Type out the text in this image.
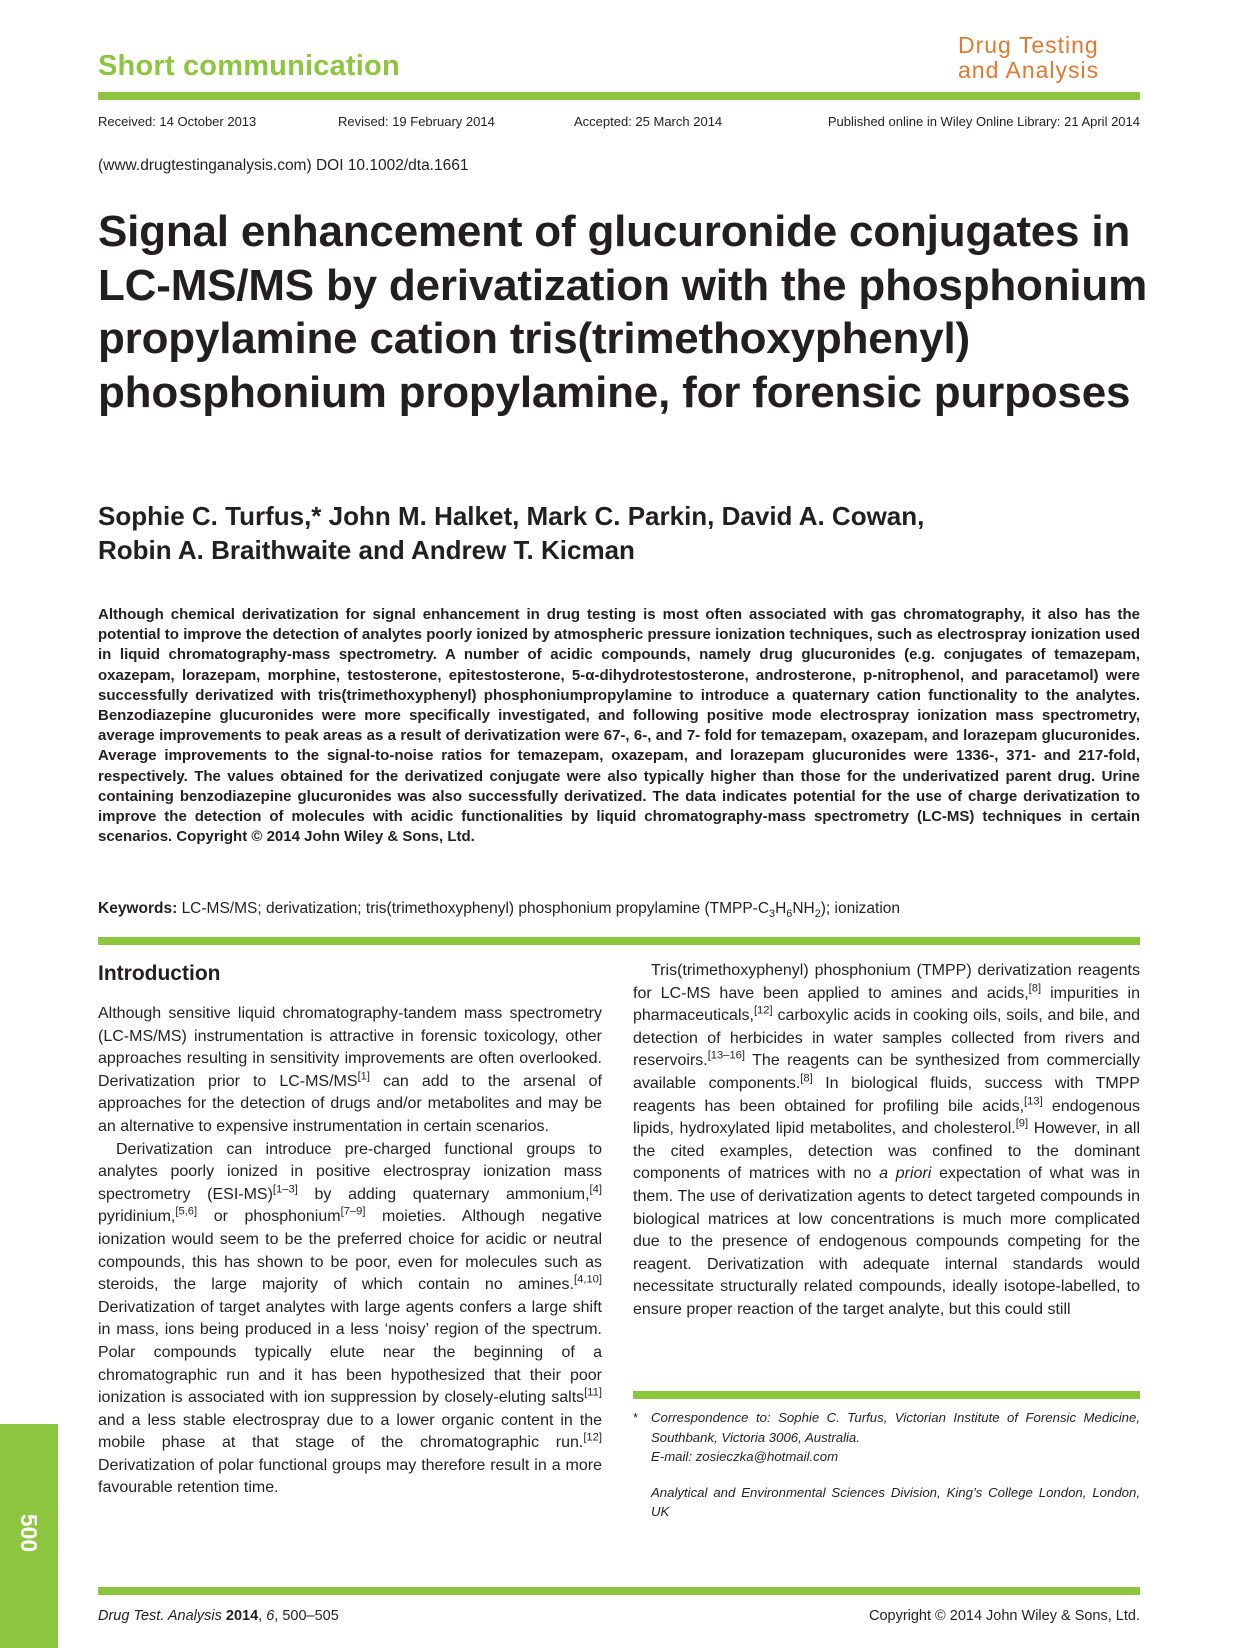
Short communication
Drug Testing
and Analysis
Received: 14 October 2013	Revised: 19 February 2014	Accepted: 25 March 2014	Published online in Wiley Online Library: 21 April 2014
(www.drugtestinganalysis.com) DOI 10.1002/dta.1661
Signal enhancement of glucuronide conjugates in LC-MS/MS by derivatization with the phosphonium propylamine cation tris(trimethoxyphenyl) phosphonium propylamine, for forensic purposes
Sophie C. Turfus,* John M. Halket, Mark C. Parkin, David A. Cowan,
Robin A. Braithwaite and Andrew T. Kicman
Although chemical derivatization for signal enhancement in drug testing is most often associated with gas chromatography, it also has the potential to improve the detection of analytes poorly ionized by atmospheric pressure ionization techniques, such as electrospray ionization used in liquid chromatography-mass spectrometry. A number of acidic compounds, namely drug glucuronides (e.g. conjugates of temazepam, oxazepam, lorazepam, morphine, testosterone, epitestosterone, 5-α-dihydrotestosterone, androsterone, p-nitrophenol, and paracetamol) were successfully derivatized with tris(trimethoxyphenyl) phosphoniumpropylamine to introduce a quaternary cation functionality to the analytes. Benzodiazepine glucuronides were more specifically investigated, and following positive mode electrospray ionization mass spectrometry, average improvements to peak areas as a result of derivatization were 67-, 6-, and 7- fold for temazepam, oxazepam, and lorazepam glucuronides. Average improvements to the signal-to-noise ratios for temazepam, oxazepam, and lorazepam glucuronides were 1336-, 371- and 217-fold, respectively. The values obtained for the derivatized conjugate were also typically higher than those for the underivatized parent drug. Urine containing benzodiazepine glucuronides was also successfully derivatized. The data indicates potential for the use of charge derivatization to improve the detection of molecules with acidic functionalities by liquid chromatography-mass spectrometry (LC-MS) techniques in certain scenarios. Copyright © 2014 John Wiley & Sons, Ltd.
Keywords: LC-MS/MS; derivatization; tris(trimethoxyphenyl) phosphonium propylamine $(TMPP-C_3H_6NH_2)$; ionization
Introduction

Although sensitive liquid chromatography-tandem mass spectrometry (LC-MS/MS) instrumentation is attractive in forensic toxicology, other approaches resulting in sensitivity improvements are often overlooked. Derivatization prior to LC-MS/MS[1] can add to the arsenal of approaches for the detection of drugs and/or metabolites and may be an alternative to expensive instrumentation in certain scenarios.

Derivatization can introduce pre-charged functional groups to analytes poorly ionized in positive electrospray ionization mass spectrometry (ESI-MS)[1–3] by adding quaternary ammonium,[4] pyridinium,[5,6] or phosphonium[7–9] moieties. Although negative ionization would seem to be the preferred choice for acidic or neutral compounds, this has shown to be poor, even for molecules such as steroids, the large majority of which contain no amines.[4,10] Derivatization of target analytes with large agents confers a large shift in mass, ions being produced in a less ‘noisy’ region of the spectrum. Polar compounds typically elute near the beginning of a chromatographic run and it has been hypothesized that their poor ionization is associated with ion suppression by closely-eluting salts[11] and a less stable electrospray due to a lower organic content in the mobile phase at that stage of the chromatographic run.[12] Derivatization of polar functional groups may therefore result in a more favourable retention time.

Tris(trimethoxyphenyl) phosphonium (TMPP) derivatization reagents for LC-MS have been applied to amines and acids,[8] impurities in pharmaceuticals,[12] carboxylic acids in cooking oils, soils, and bile, and detection of herbicides in water samples collected from rivers and reservoirs.[13–16] The reagents can be synthesized from commercially available components.[8] In biological fluids, success with TMPP reagents has been obtained for profiling bile acids,[13] endogenous lipids, hydroxylated lipid metabolites, and cholesterol.[9] However, in all the cited examples, detection was confined to the dominant components of matrices with no a priori expectation of what was in them. The use of derivatization agents to detect targeted compounds in biological matrices at low concentrations is much more complicated due to the presence of endogenous compounds competing for the reagent. Derivatization with adequate internal standards would necessitate structurally related compounds, ideally isotope-labelled, to ensure proper reaction of the target analyte, but this could still

* Correspondence to: Sophie C. Turfus, Victorian Institute of Forensic Medicine, Southbank, Victoria 3006, Australia.
E-mail: zosieczka@hotmail.com
Analytical and Environmental Sciences Division, King’s College London, London, UK
500
Drug Test. Analysis 2014, 6, 500–505	Copyright © 2014 John Wiley & Sons, Ltd.
